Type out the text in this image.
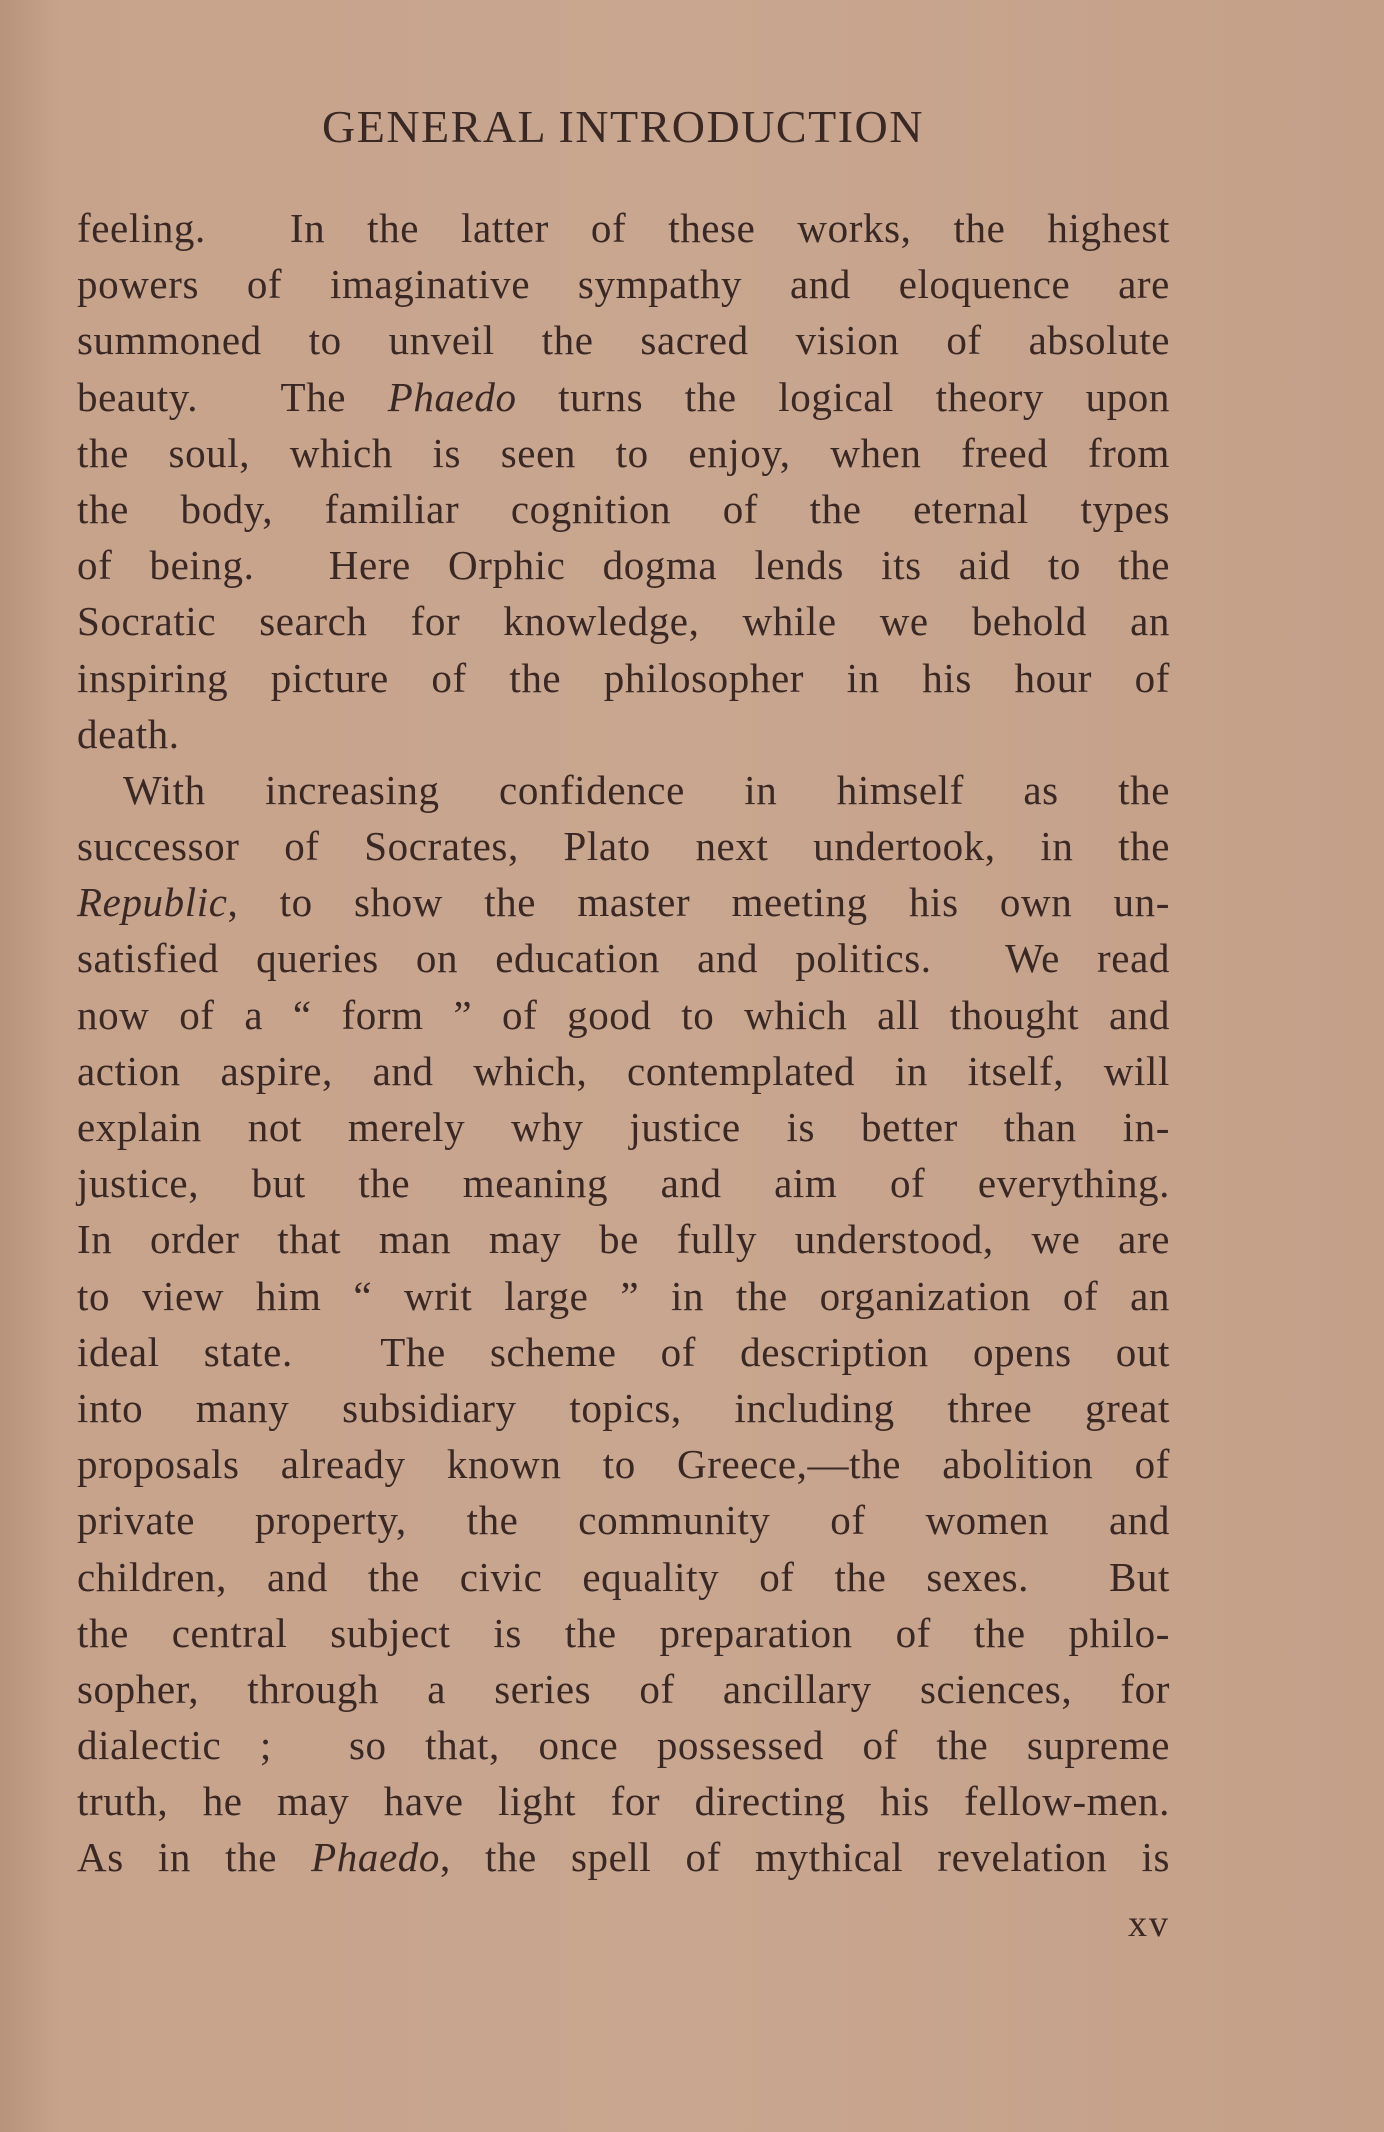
GENERAL INTRODUCTION
feeling.  In the latter of these works, the highest
powers of imaginative sympathy and eloquence are
summoned to unveil the sacred vision of absolute
beauty.  The Phaedo turns the logical theory upon
the soul, which is seen to enjoy, when freed from
the body, familiar cognition of the eternal types
of being.  Here Orphic dogma lends its aid to the
Socratic search for knowledge, while we behold an
inspiring picture of the philosopher in his hour of
death.
With increasing confidence in himself as the
successor of Socrates, Plato next undertook, in the
Republic, to show the master meeting his own un-
satisfied queries on education and politics.  We read
now of a “ form ” of good to which all thought and
action aspire, and which, contemplated in itself, will
explain not merely why justice is better than in-
justice, but the meaning and aim of everything.
In order that man may be fully understood, we are
to view him “ writ large ” in the organization of an
ideal state.  The scheme of description opens out
into many subsidiary topics, including three great
proposals already known to Greece,—the abolition of
private property, the community of women and
children, and the civic equality of the sexes.  But
the central subject is the preparation of the philo-
sopher, through a series of ancillary sciences, for
dialectic ;  so that, once possessed of the supreme
truth, he may have light for directing his fellow-men.
As in the Phaedo, the spell of mythical revelation is
xv
